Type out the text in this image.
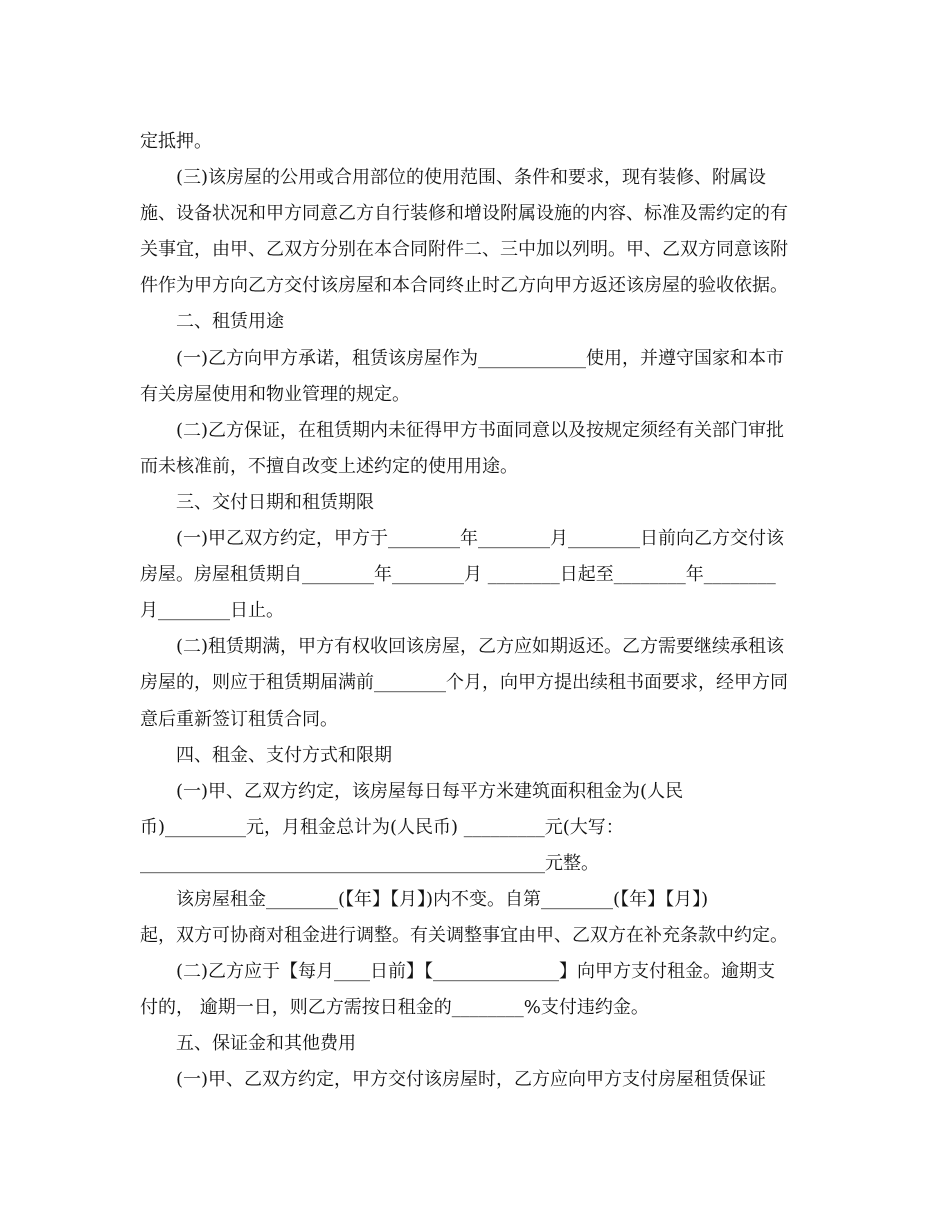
定抵押。
(三)该房屋的公用或合用部位的使用范围、条件和要求，现有装修、附属设
施、设备状况和甲方同意乙方自行装修和增设附属设施的内容、标准及需约定的有
关事宜，由甲、乙双方分别在本合同附件二、三中加以列明。甲、乙双方同意该附
件作为甲方向乙方交付该房屋和本合同终止时乙方向甲方返还该房屋的验收依据。
二、租赁用途
(一)乙方向甲方承诺，租赁该房屋作为____________使用，并遵守国家和本市
有关房屋使用和物业管理的规定。
(二)乙方保证，在租赁期内未征得甲方书面同意以及按规定须经有关部门审批
而未核准前，不擅自改变上述约定的使用用途。
三、交付日期和租赁期限
(一)甲乙双方约定，甲方于________年________月________日前向乙方交付该
房屋。房屋租赁期自________年________月 ________日起至________年________
月________日止。
(二)租赁期满，甲方有权收回该房屋，乙方应如期返还。乙方需要继续承租该
房屋的，则应于租赁期届满前________个月，向甲方提出续租书面要求，经甲方同
意后重新签订租赁合同。
四、租金、支付方式和限期
(一)甲、乙双方约定，该房屋每日每平方米建筑面积租金为(人民
币)_________元，月租金总计为(人民币) _________元(大写：
_____________________________________________元整。
该房屋租金________(【年】【月】)内不变。自第________(【年】【月】)
起，双方可协商对租金进行调整。有关调整事宜由甲、乙双方在补充条款中约定。
(二)乙方应于【每月____日前】【______________】向甲方支付租金。逾期支
付的， 逾期一日，则乙方需按日租金的________%支付违约金。
五、保证金和其他费用
(一)甲、乙双方约定，甲方交付该房屋时，乙方应向甲方支付房屋租赁保证
